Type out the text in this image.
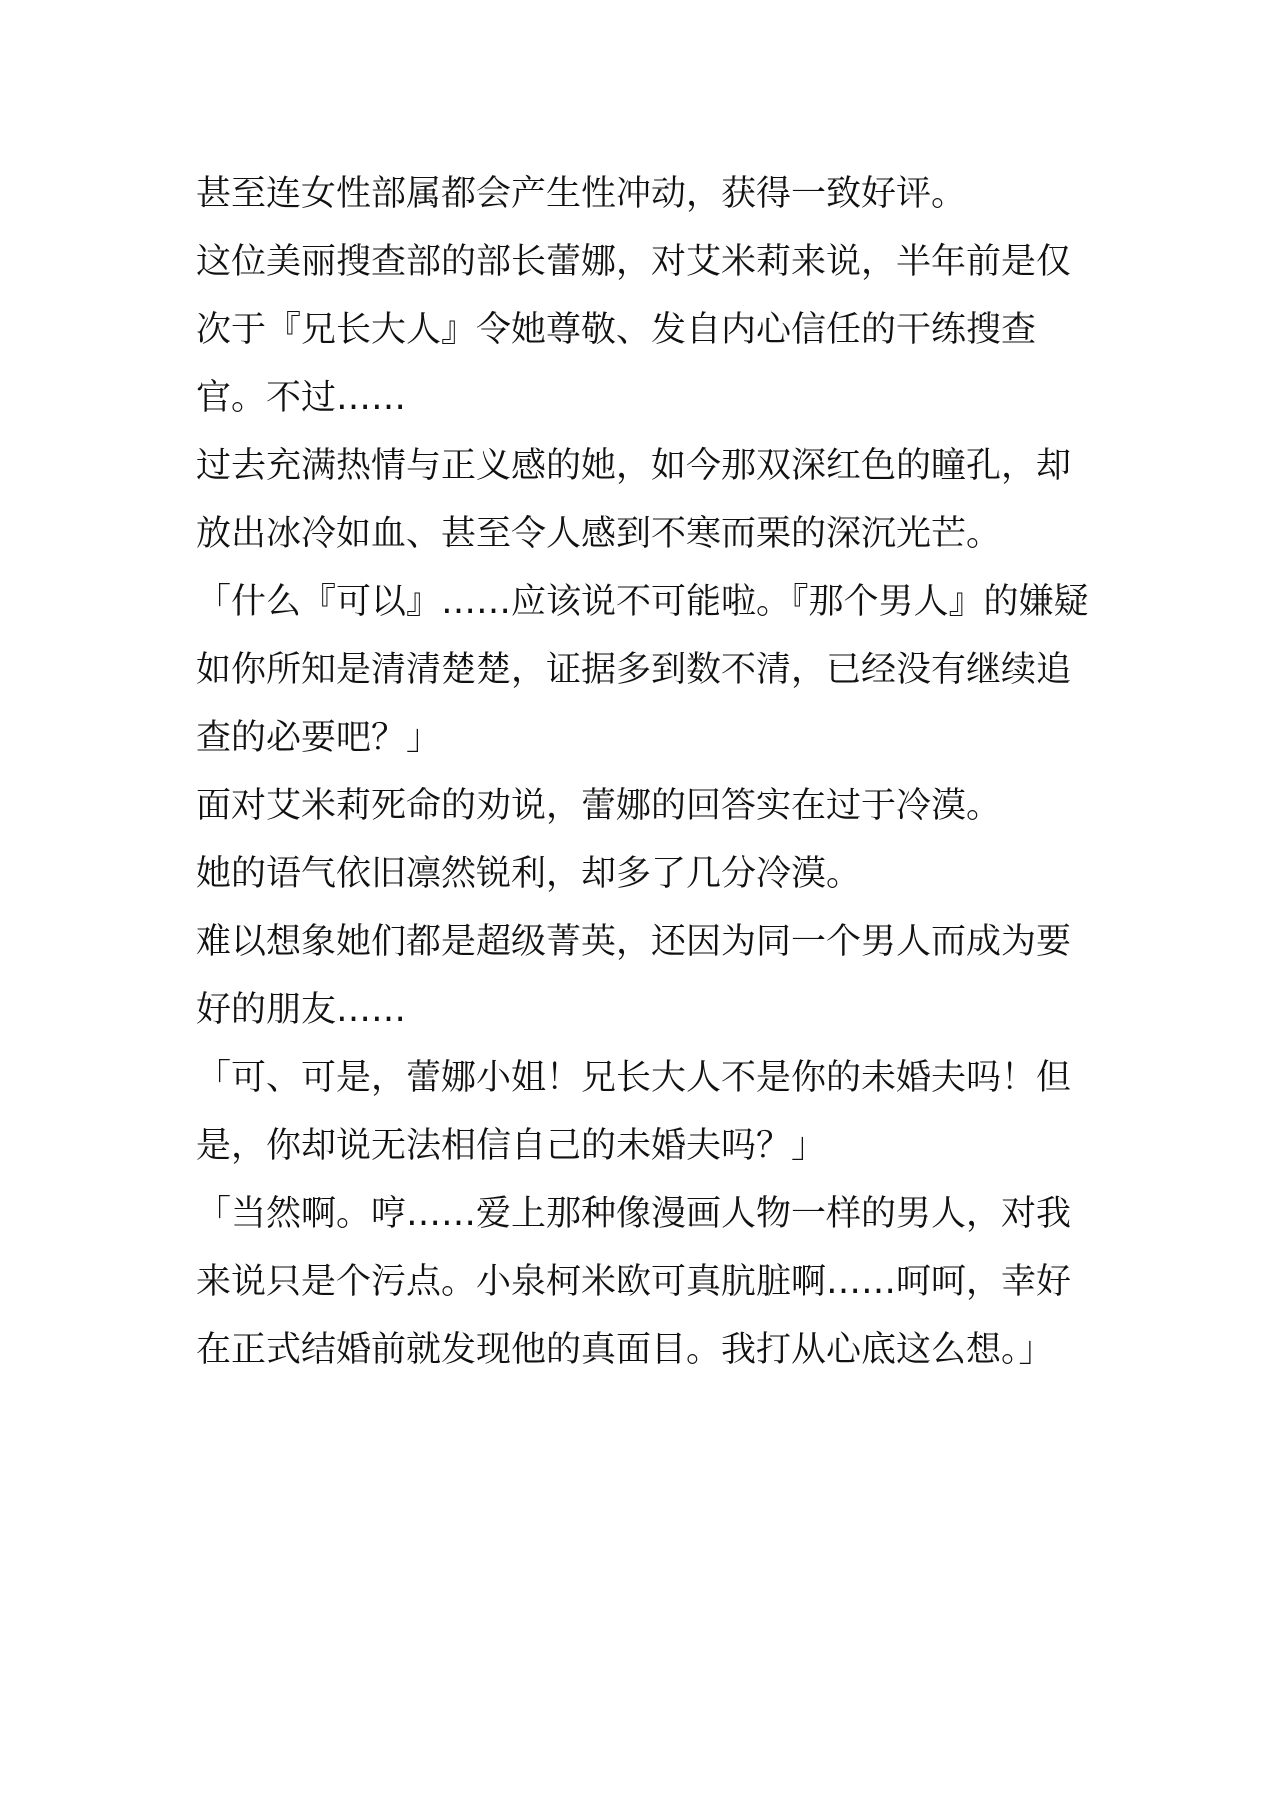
甚至连女性部属都会产生性冲动，获得一致好评。

这位美丽搜查部的部长蕾娜，对艾米莉来说，半年前是仅次于『兄长大人』令她尊敬、发自内心信任的干练搜查官。不过……

过去充满热情与正义感的她，如今那双深红色的瞳孔，却放出冰冷如血、甚至令人感到不寒而栗的深沉光芒。

「什么『可以』……应该说不可能啦。『那个男人』的嫌疑如你所知是清清楚楚，证据多到数不清，已经没有继续追查的必要吧？」

面对艾米莉死命的劝说，蕾娜的回答实在过于冷漠。

她的语气依旧凛然锐利，却多了几分冷漠。

难以想象她们都是超级菁英，还因为同一个男人而成为要好的朋友……

「可、可是，蕾娜小姐！兄长大人不是你的未婚夫吗！但是，你却说无法相信自己的未婚夫吗？」

「当然啊。哼……爱上那种像漫画人物一样的男人，对我来说只是个污点。小泉柯米欧可真肮脏啊……呵呵，幸好在正式结婚前就发现他的真面目。我打从心底这么想。」
